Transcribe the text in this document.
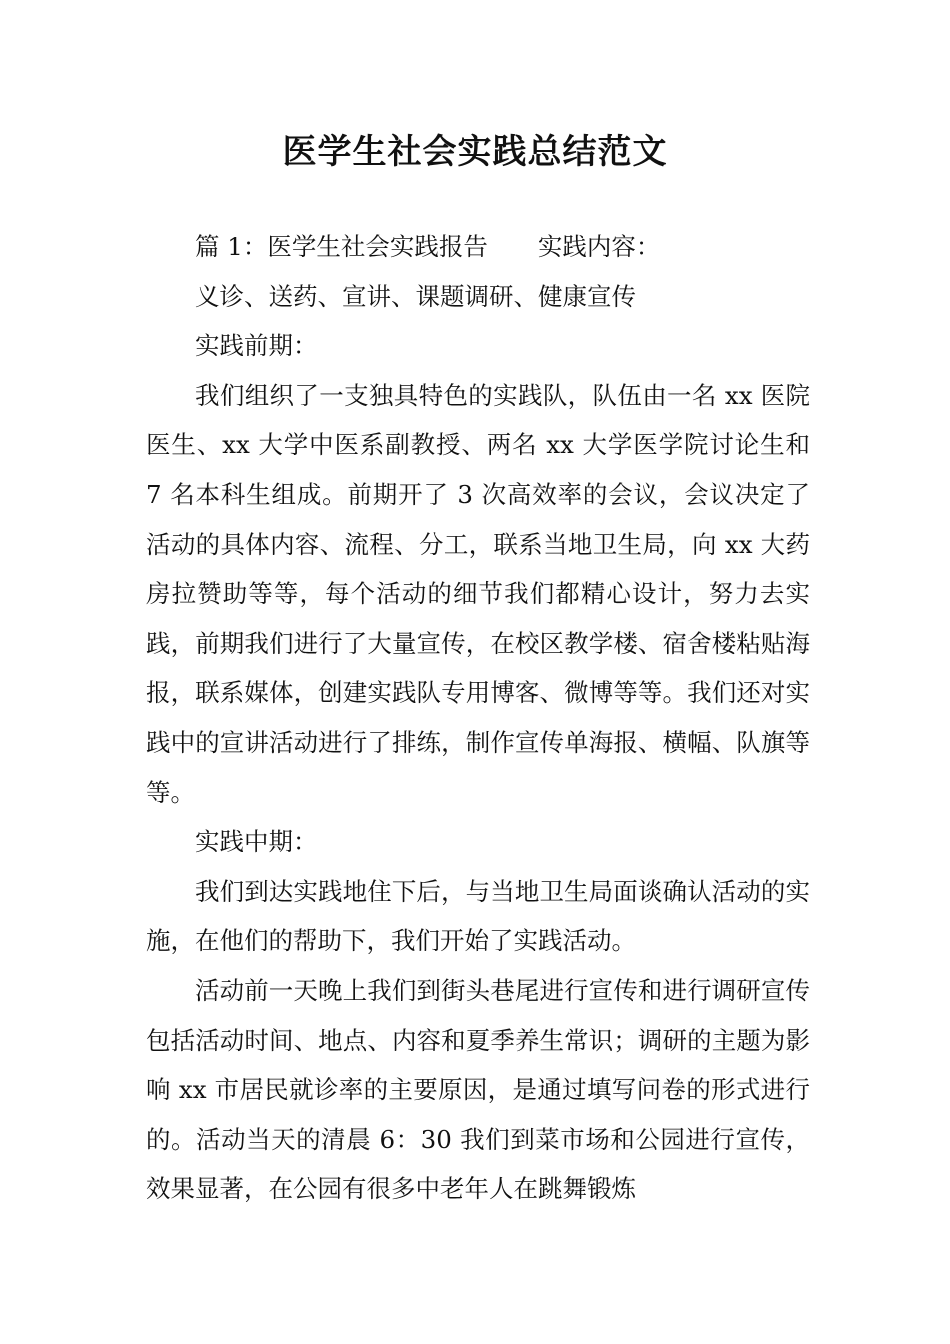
医学生社会实践总结范文

篇 1：医学生社会实践报告 实践内容：

义诊、送药、宣讲、课题调研、健康宣传

实践前期：

我们组织了一支独具特色的实践队，队伍由一名 xx 医院医生、xx 大学中医系副教授、两名 xx 大学医学院讨论生和 7 名本科生组成。前期开了 3 次高效率的会议，会议决定了活动的具体内容、流程、分工，联系当地卫生局，向 xx 大药房拉赞助等等，每个活动的细节我们都精心设计，努力去实践，前期我们进行了大量宣传，在校区教学楼、宿舍楼粘贴海报，联系媒体，创建实践队专用博客、微博等等。我们还对实践中的宣讲活动进行了排练，制作宣传单海报、横幅、队旗等等。

实践中期：

我们到达实践地住下后，与当地卫生局面谈确认活动的实施，在他们的帮助下，我们开始了实践活动。

活动前一天晚上我们到街头巷尾进行宣传和进行调研宣传包括活动时间、地点、内容和夏季养生常识；调研的主题为影响 xx 市居民就诊率的主要原因，是通过填写问卷的形式进行的。活动当天的清晨 6：30 我们到菜市场和公园进行宣传，效果显著，在公园有很多中老年人在跳舞锻炼
